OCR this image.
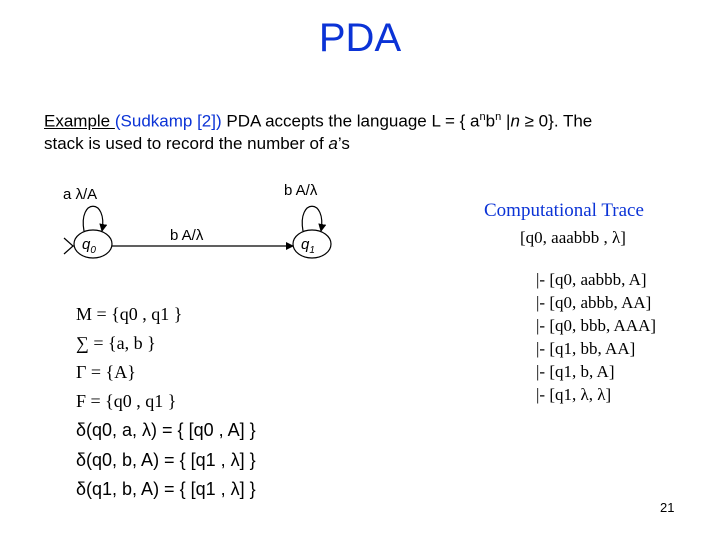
PDA
Example (Sudkamp [2]) PDA accepts the language L = { $a^nb^n$ |n ≥ 0}. The
stack is used to record the number of a’s
$q_0$
a λ/A
b A/λ
$q_1$
b A/λ
M = {q0 , q1 }
∑ = {a, b }
Γ = {A}
F = {q0 , q1 }
δ(q0, a, λ) = { [q0 , A] }
δ(q0, b, A) = { [q1 , λ] }
δ(q1, b, A) = { [q1 , λ] }
Computational Trace
[q0, aaabbb , λ]
|- [q0, aabbb, A]
|- [q0, abbb, AA]
|- [q0, bbb, AAA]
|- [q1, bb, AA]
|- [q1, b, A]
|- [q1, λ, λ]
21
